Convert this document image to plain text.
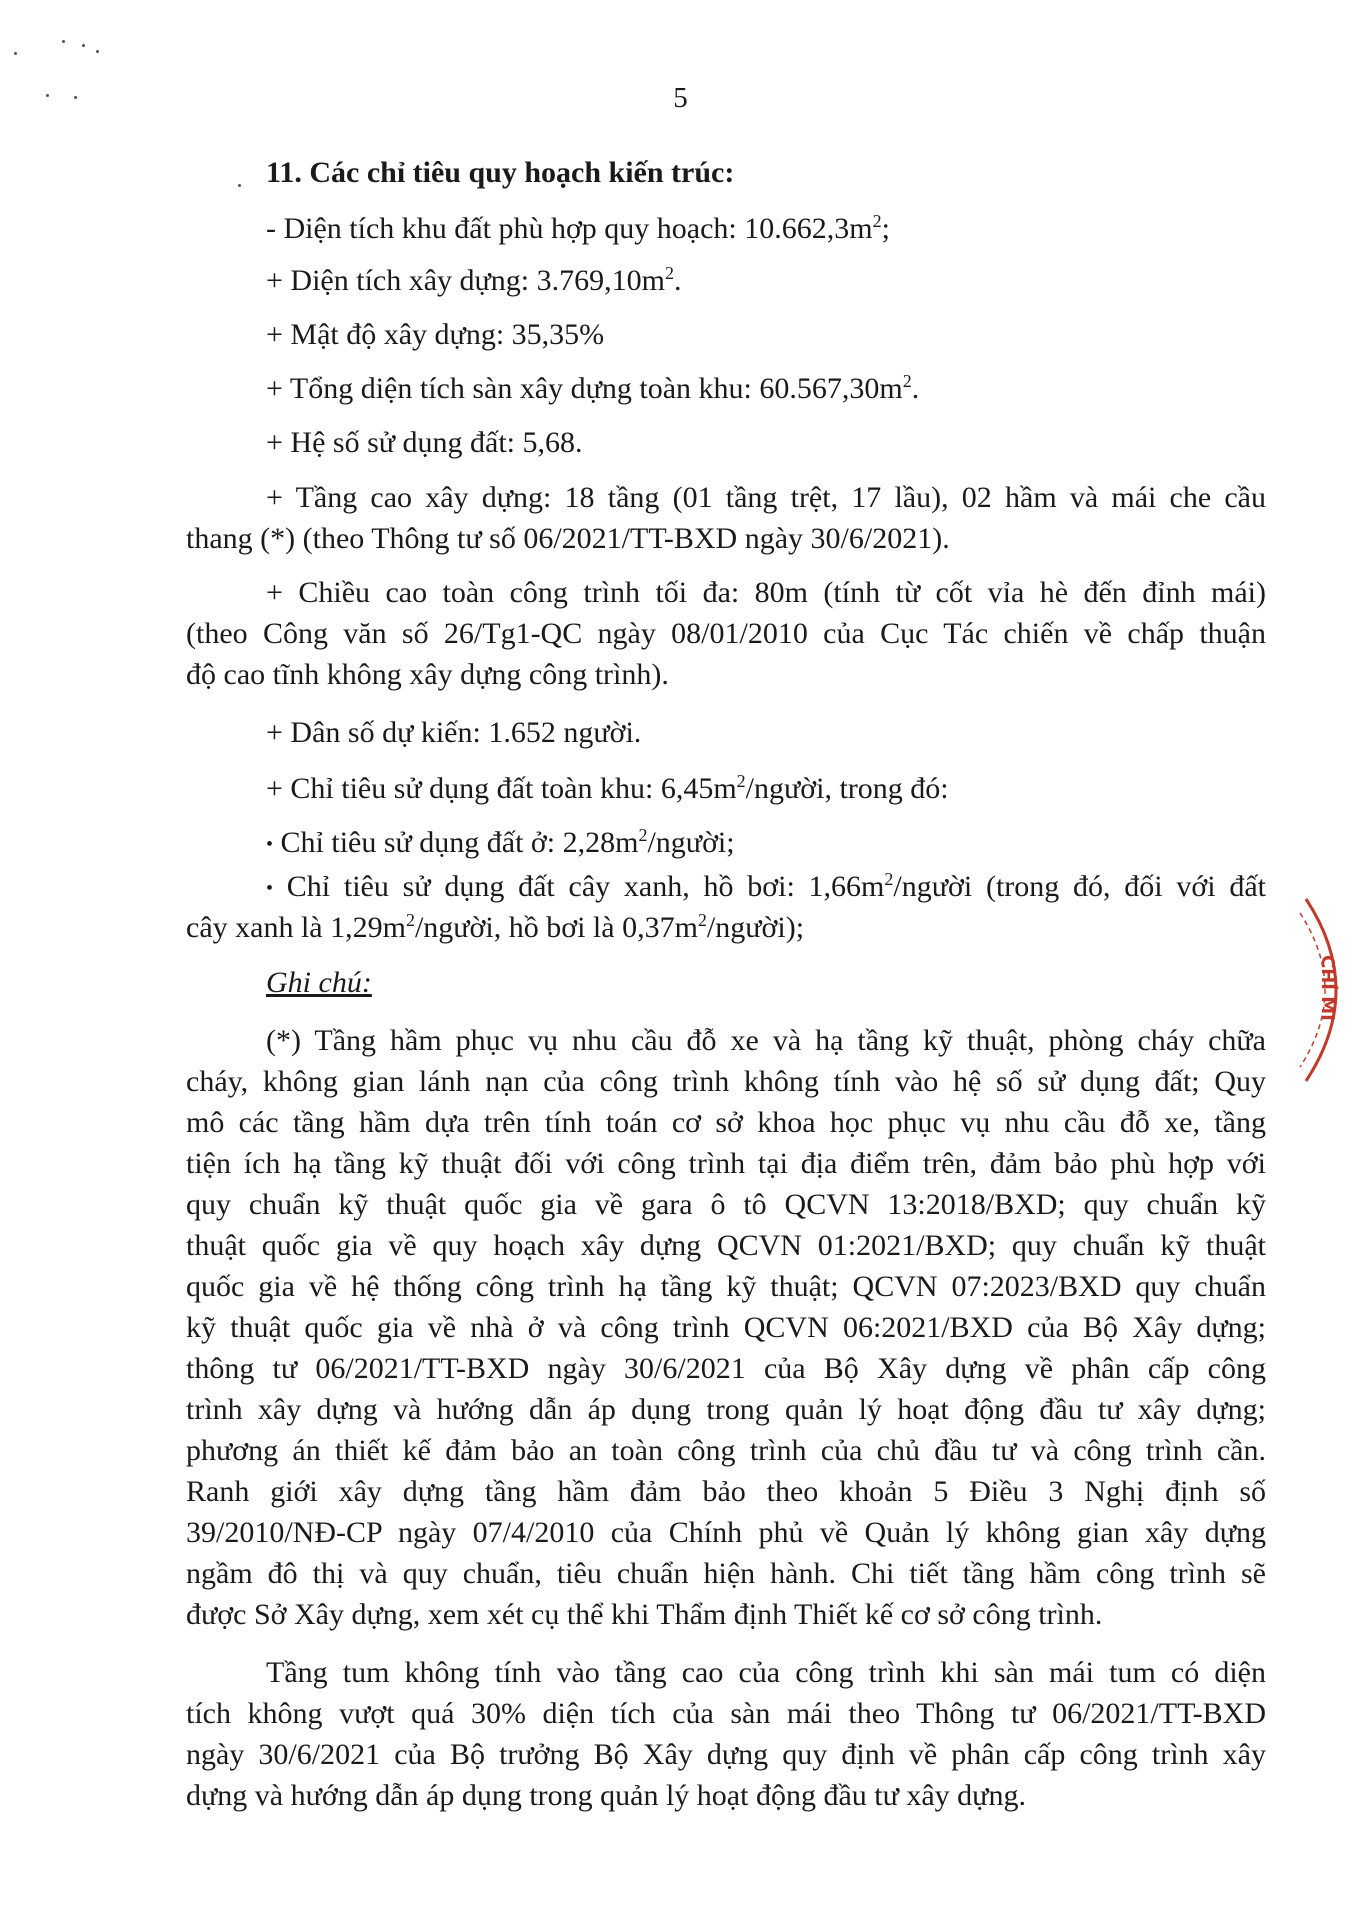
5
11. Các chỉ tiêu quy hoạch kiến trúc:
- Diện tích khu đất phù hợp quy hoạch: $10.662,3m^2$;
+ Diện tích xây dựng: $3.769,10m^2$.
+ Mật độ xây dựng: 35,35%
+ Tổng diện tích sàn xây dựng toàn khu: $60.567,30m^2$.
+ Hệ số sử dụng đất: 5,68.
+ Tầng cao xây dựng: 18 tầng (01 tầng trệt, 17 lầu), 02 hầm và mái che cầu
thang (*) (theo Thông tư số 06/2021/TT-BXD ngày 30/6/2021).
+ Chiều cao toàn công trình tối đa: 80m (tính từ cốt vỉa hè đến đỉnh mái)
(theo Công văn số 26/Tg1-QC ngày 08/01/2010 của Cục Tác chiến về chấp thuận
độ cao tĩnh không xây dựng công trình).
+ Dân số dự kiến: 1.652 người.
+ Chỉ tiêu sử dụng đất toàn khu: $6,45m^2$/người, trong đó:
• Chỉ tiêu sử dụng đất ở: $2,28m^2$/người;
• Chỉ tiêu sử dụng đất cây xanh, hồ bơi: $1,66m^2$/người (trong đó, đối với đất
cây xanh là $1,29m^2$/người, hồ bơi là $0,37m^2/người$);
Ghi chú:
(*) Tầng hầm phục vụ nhu cầu đỗ xe và hạ tầng kỹ thuật, phòng cháy chữa
cháy, không gian lánh nạn của công trình không tính vào hệ số sử dụng đất; Quy
mô các tầng hầm dựa trên tính toán cơ sở khoa học phục vụ nhu cầu đỗ xe, tầng
tiện ích hạ tầng kỹ thuật đối với công trình tại địa điểm trên, đảm bảo phù hợp với
quy chuẩn kỹ thuật quốc gia về gara ô tô QCVN 13:2018/BXD; quy chuẩn kỹ
thuật quốc gia về quy hoạch xây dựng QCVN 01:2021/BXD; quy chuẩn kỹ thuật
quốc gia về hệ thống công trình hạ tầng kỹ thuật; QCVN 07:2023/BXD quy chuẩn
kỹ thuật quốc gia về nhà ở và công trình QCVN 06:2021/BXD của Bộ Xây dựng;
thông tư 06/2021/TT-BXD ngày 30/6/2021 của Bộ Xây dựng về phân cấp công
trình xây dựng và hướng dẫn áp dụng trong quản lý hoạt động đầu tư xây dựng;
phương án thiết kế đảm bảo an toàn công trình của chủ đầu tư và công trình cần.
Ranh giới xây dựng tầng hầm đảm bảo theo khoản 5 Điều 3 Nghị định số
39/2010/NĐ-CP ngày 07/4/2010 của Chính phủ về Quản lý không gian xây dựng
ngầm đô thị và quy chuẩn, tiêu chuẩn hiện hành. Chi tiết tầng hầm công trình sẽ
được Sở Xây dựng, xem xét cụ thể khi Thẩm định Thiết kế cơ sở công trình.
Tầng tum không tính vào tầng cao của công trình khi sàn mái tum có diện
tích không vượt quá 30% diện tích của sàn mái theo Thông tư 06/2021/TT-BXD
ngày 30/6/2021 của Bộ trưởng Bộ Xây dựng quy định về phân cấp công trình xây
dựng và hướng dẫn áp dụng trong quản lý hoạt động đầu tư xây dựng.
CHÍ MI
